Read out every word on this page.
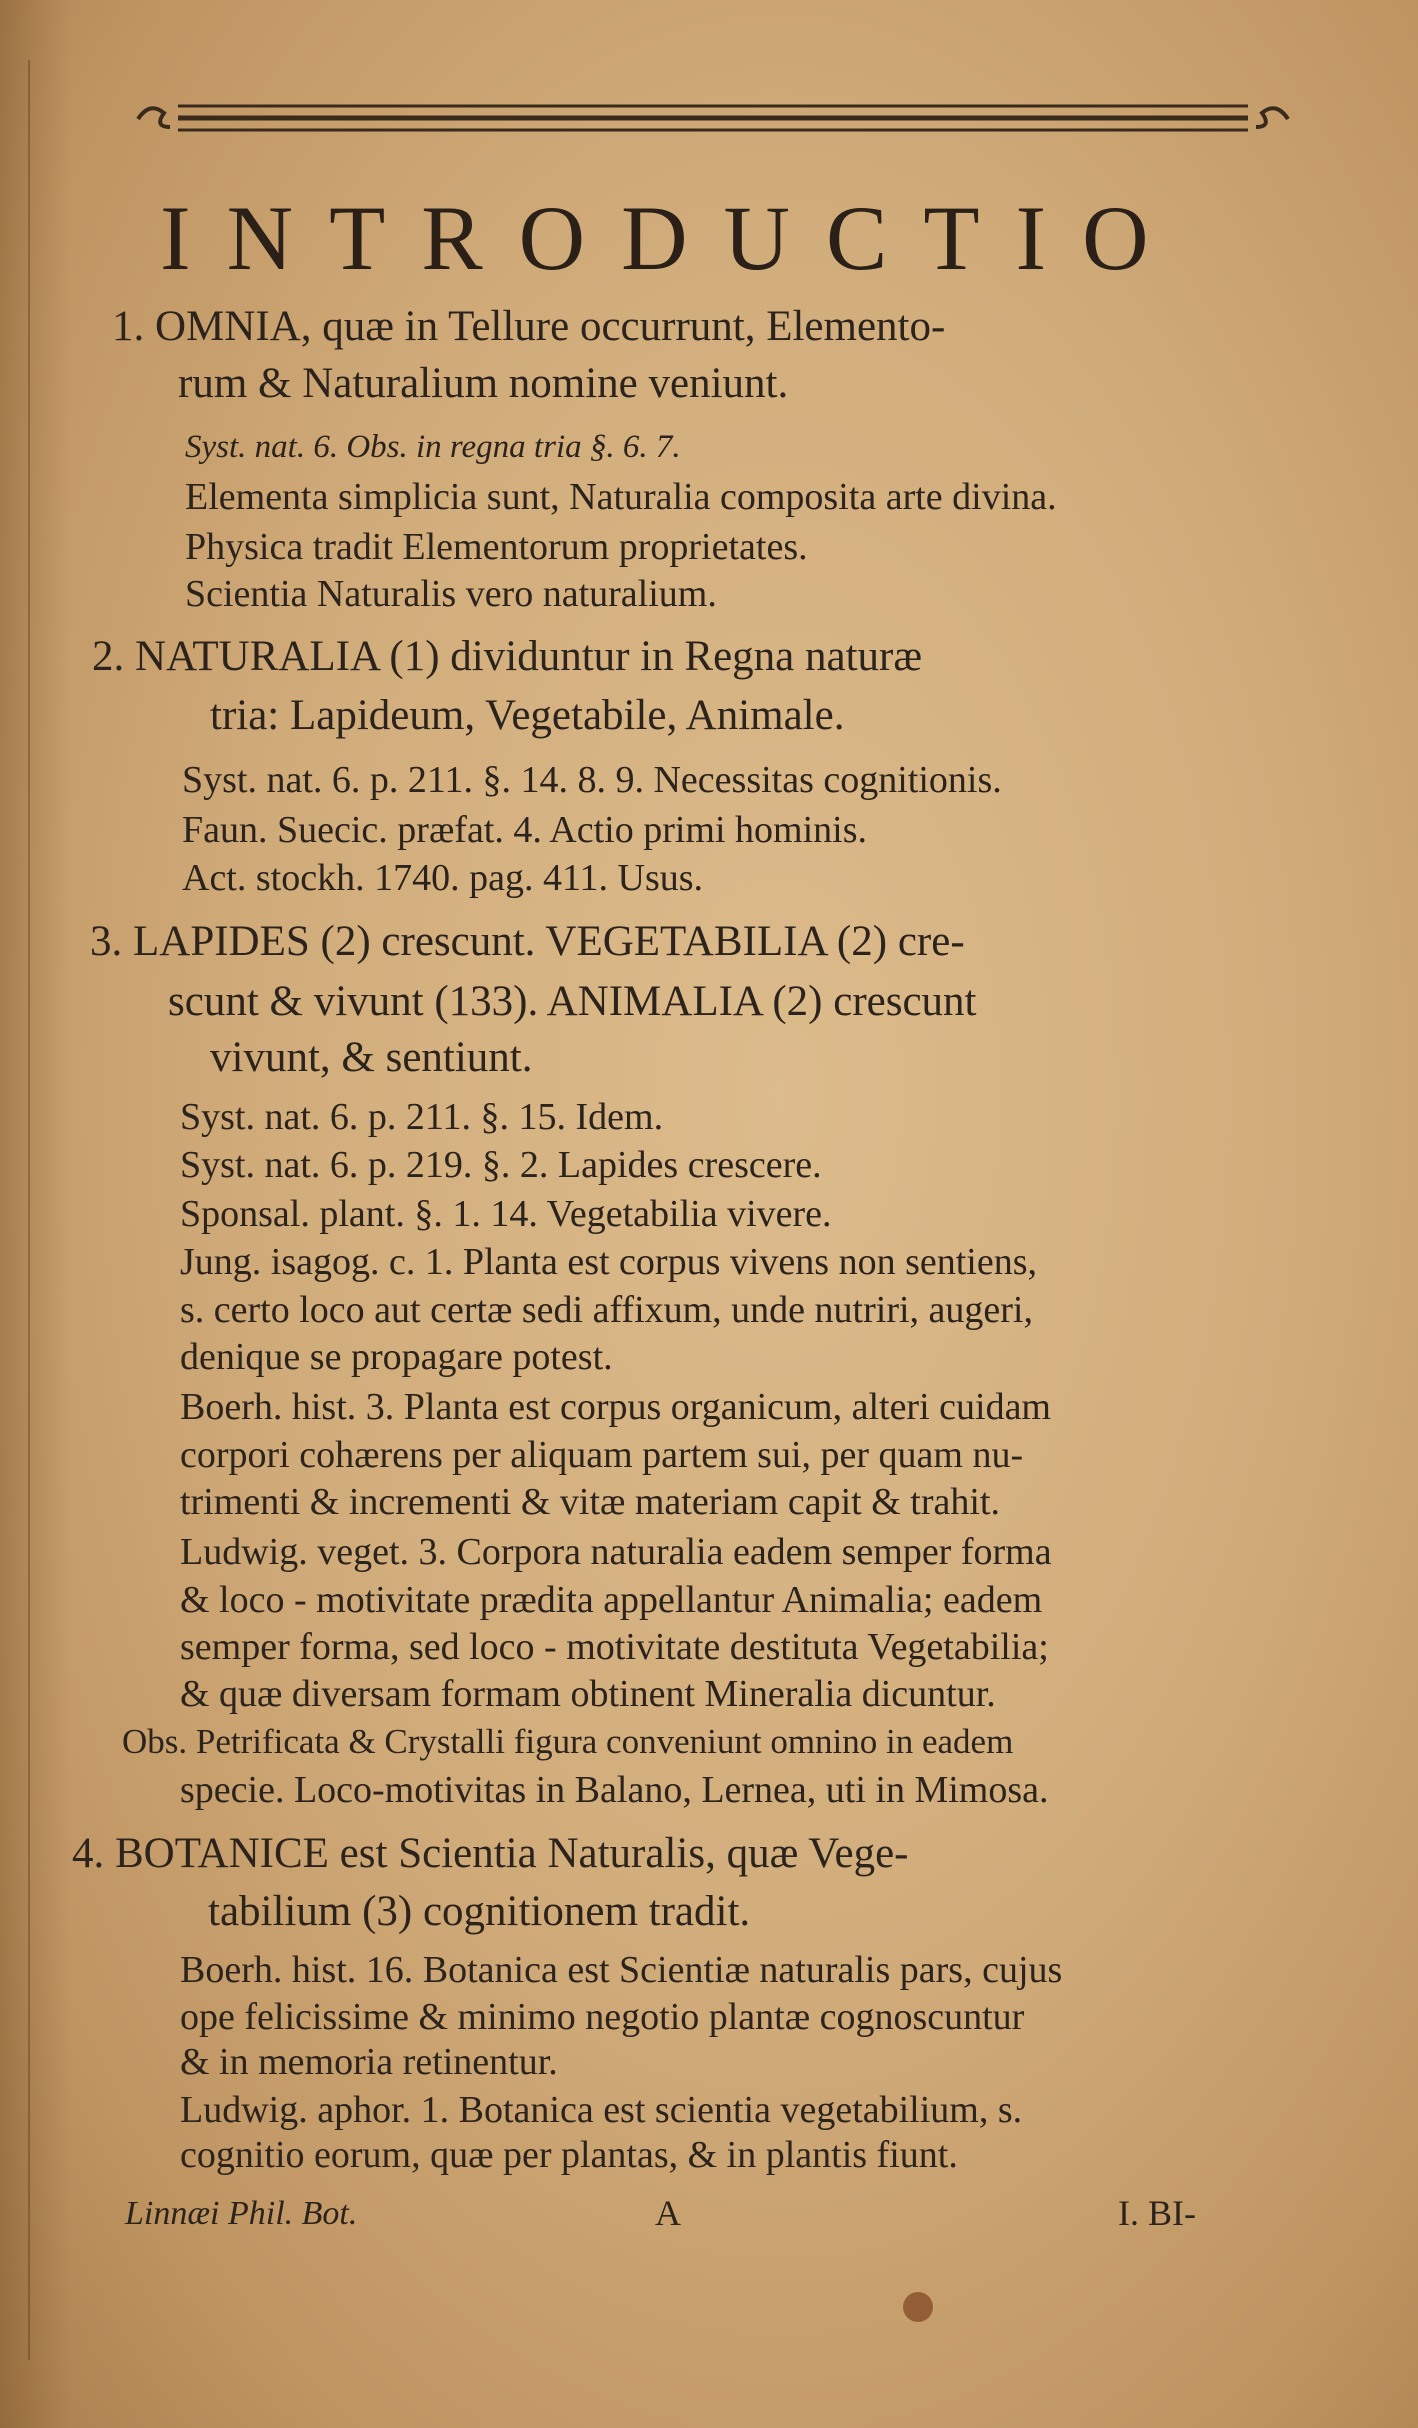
INTRODUCTIO
1. OMNIA, quæ in Tellure occurrunt, Elemento-
rum & Naturalium nomine veniunt.
Syst. nat. 6. Obs. in regna tria §. 6. 7.
Elementa simplicia sunt, Naturalia composita arte divina.
Physica tradit Elementorum proprietates.
Scientia Naturalis vero naturalium.
2. NATURALIA (1) dividuntur in Regna naturæ
tria: Lapideum, Vegetabile, Animale.
Syst. nat. 6. p. 211. §. 14. 8. 9. Necessitas cognitionis.
Faun. Suecic. præfat. 4. Actio primi hominis.
Act. stockh. 1740. pag. 411. Usus.
3. LAPIDES (2) crescunt. VEGETABILIA (2) cre-
scunt & vivunt (133). ANIMALIA (2) crescunt
vivunt, & sentiunt.
Syst. nat. 6. p. 211. §. 15. Idem.
Syst. nat. 6. p. 219. §. 2. Lapides crescere.
Sponsal. plant. §. 1. 14. Vegetabilia vivere.
Jung. isagog. c. 1. Planta est corpus vivens non sentiens,
s. certo loco aut certæ sedi affixum, unde nutriri, augeri,
denique se propagare potest.
Boerh. hist. 3. Planta est corpus organicum, alteri cuidam
corpori cohærens per aliquam partem sui, per quam nu-
trimenti & incrementi & vitæ materiam capit & trahit.
Ludwig. veget. 3. Corpora naturalia eadem semper forma
& loco - motivitate prædita appellantur Animalia; eadem
semper forma, sed loco - motivitate destituta Vegetabilia;
& quæ diversam formam obtinent Mineralia dicuntur.
Obs. Petrificata & Crystalli figura conveniunt omnino in eadem
specie. Loco-motivitas in Balano, Lernea, uti in Mimosa.
4. BOTANICE est Scientia Naturalis, quæ Vege-
tabilium (3) cognitionem tradit.
Boerh. hist. 16. Botanica est Scientiæ naturalis pars, cujus
ope felicissime & minimo negotio plantæ cognoscuntur
& in memoria retinentur.
Ludwig. aphor. 1. Botanica est scientia vegetabilium, s.
cognitio eorum, quæ per plantas, & in plantis fiunt.
Linnæi Phil. Bot.	A	I. BI-
